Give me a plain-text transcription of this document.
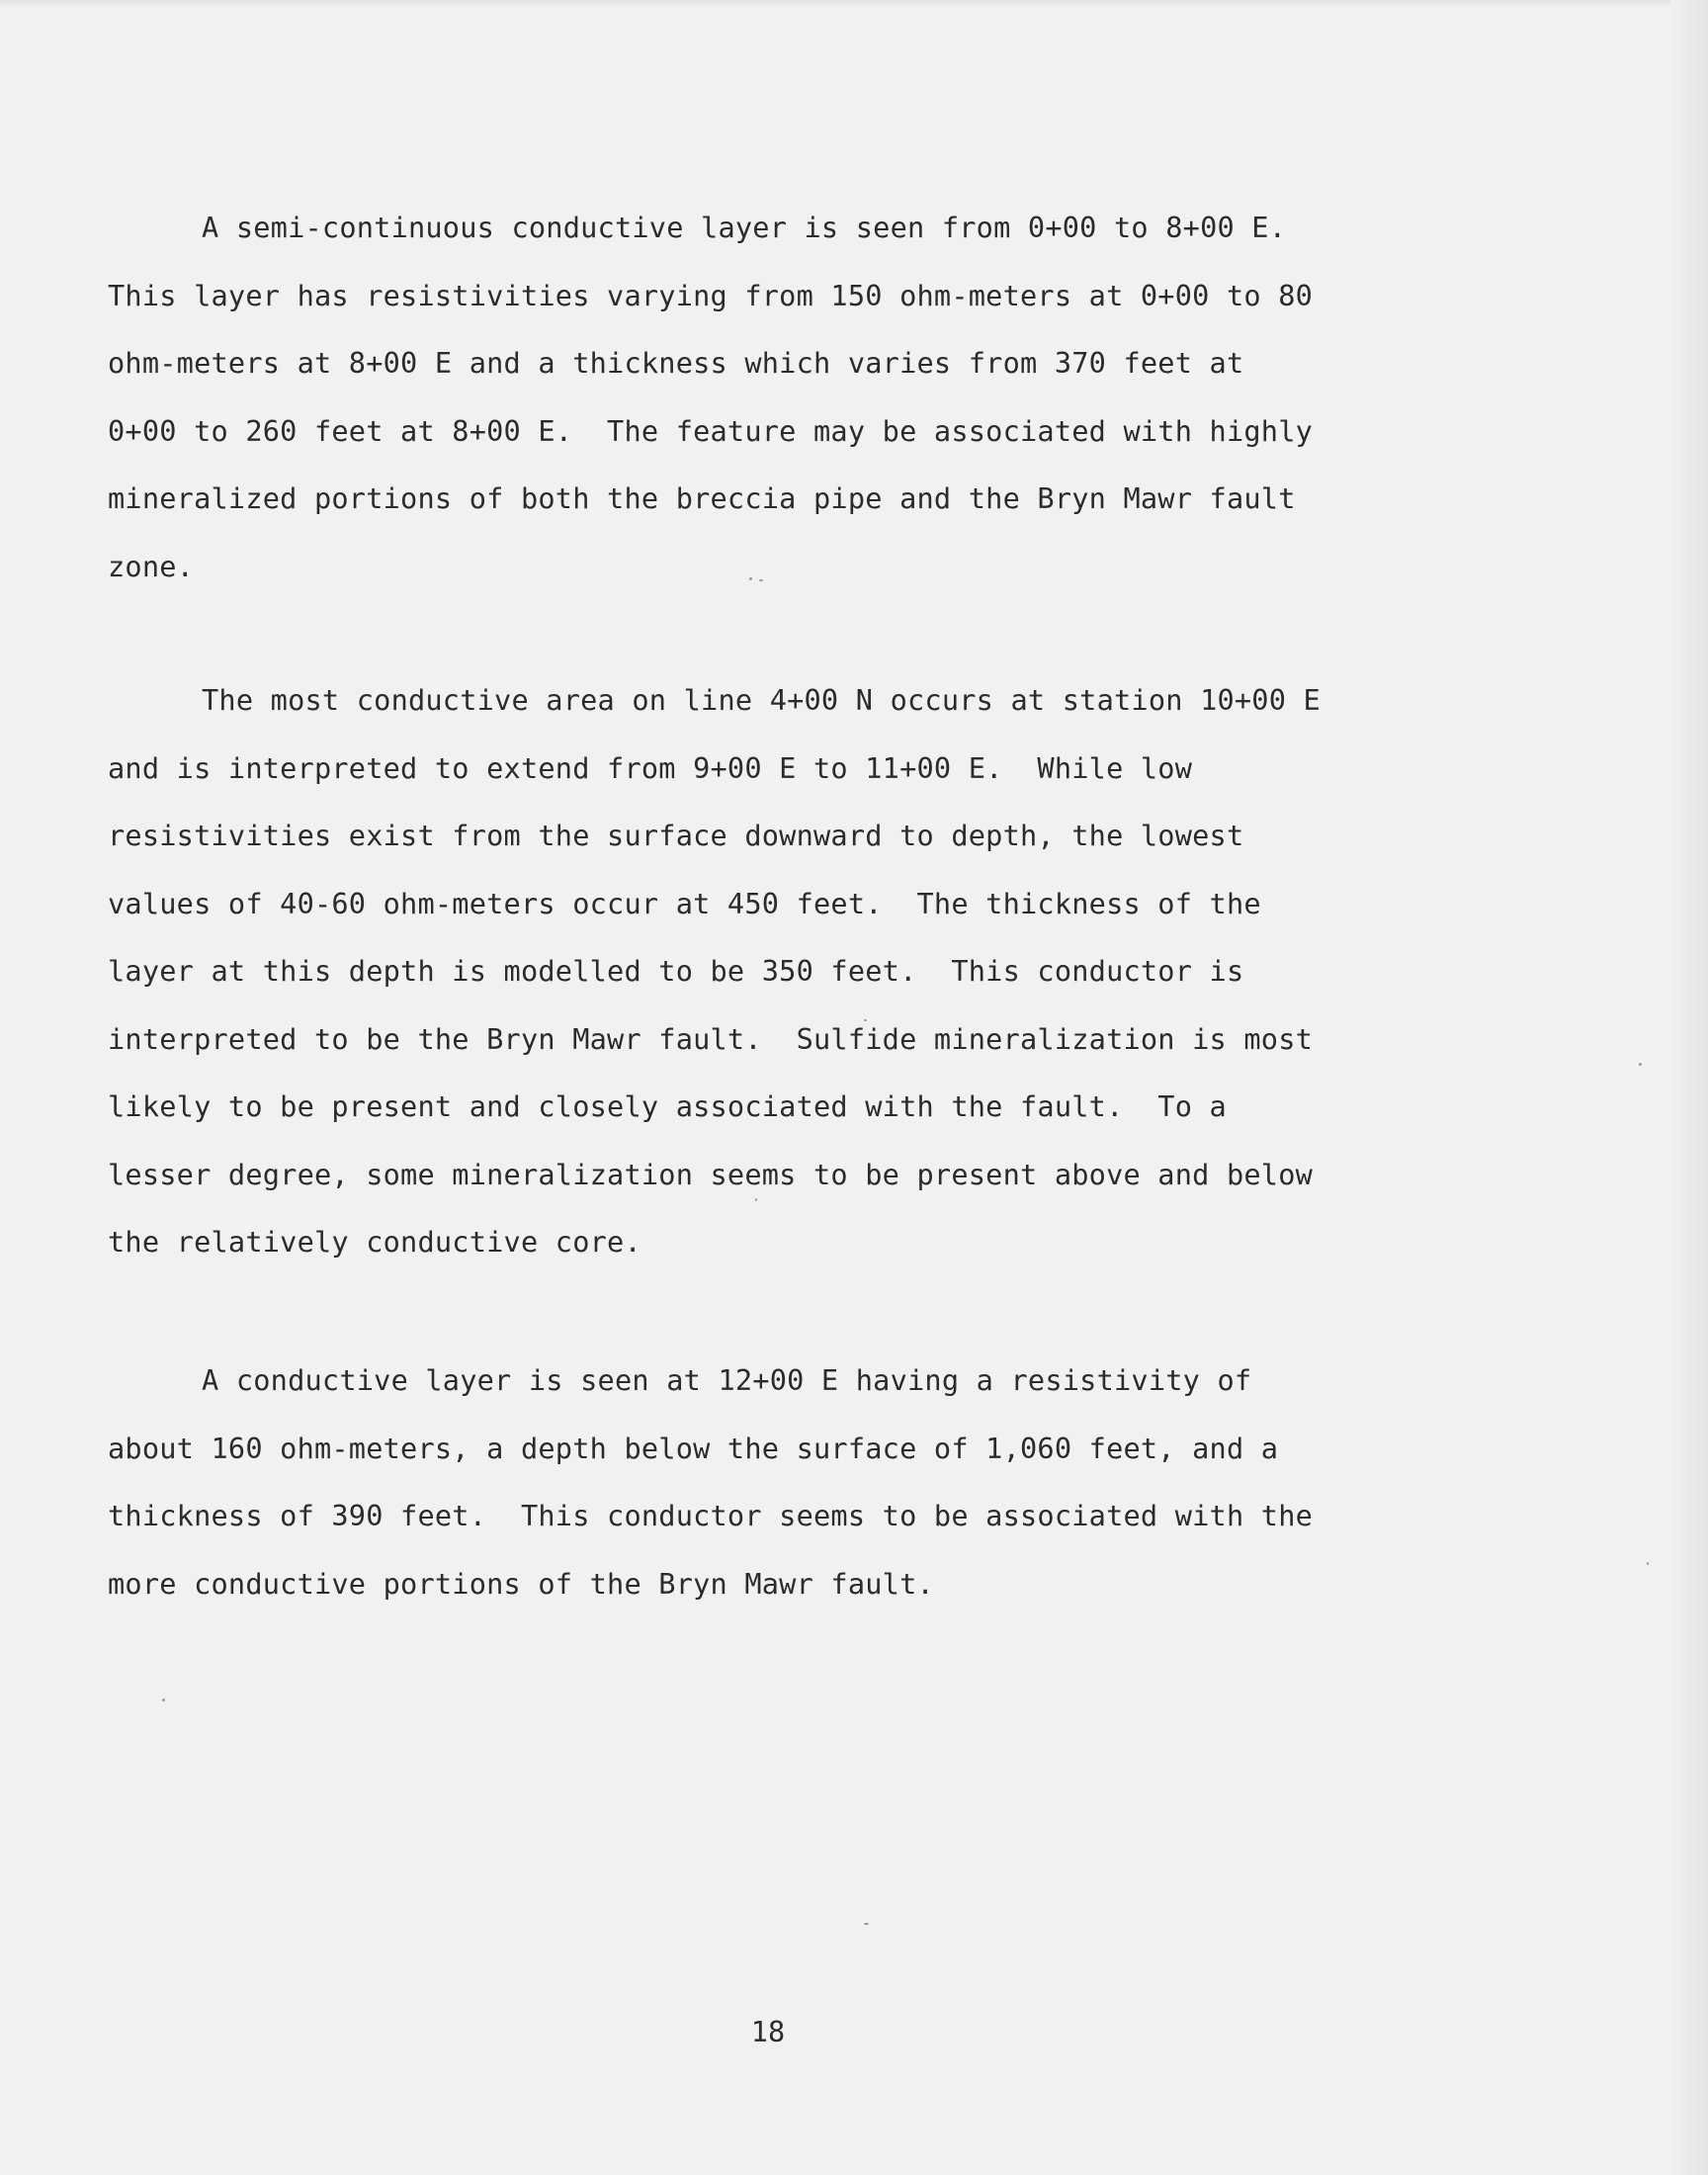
A semi-continuous conductive layer is seen from 0+00 to 8+00 E.
This layer has resistivities varying from 150 ohm-meters at 0+00 to 80
ohm-meters at 8+00 E and a thickness which varies from 370 feet at
0+00 to 260 feet at 8+00 E.  The feature may be associated with highly
mineralized portions of both the breccia pipe and the Bryn Mawr fault
zone.
The most conductive area on line 4+00 N occurs at station 10+00 E
and is interpreted to extend from 9+00 E to 11+00 E.  While low
resistivities exist from the surface downward to depth, the lowest
values of 40-60 ohm-meters occur at 450 feet.  The thickness of the
layer at this depth is modelled to be 350 feet.  This conductor is
interpreted to be the Bryn Mawr fault.  Sulfide mineralization is most
likely to be present and closely associated with the fault.  To a
lesser degree, some mineralization seems to be present above and below
the relatively conductive core.
A conductive layer is seen at 12+00 E having a resistivity of
about 160 ohm-meters, a depth below the surface of 1,060 feet, and a
thickness of 390 feet.  This conductor seems to be associated with the
more conductive portions of the Bryn Mawr fault.
18
